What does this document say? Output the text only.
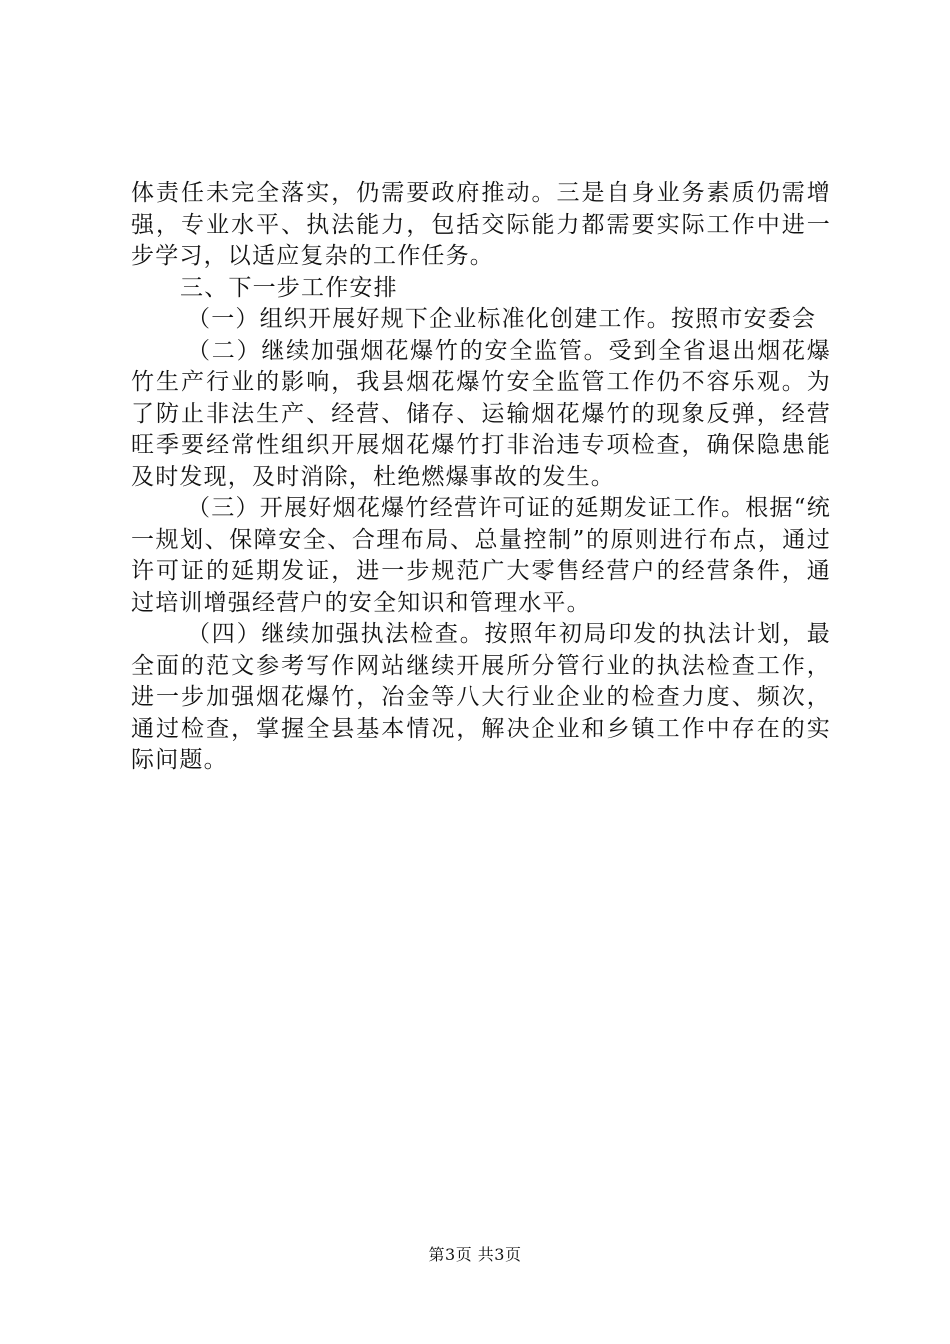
体责任未完全落实，仍需要政府推动。三是自身业务素质仍需增强，专业水平、执法能力，包括交际能力都需要实际工作中进一步学习，以适应复杂的工作任务。

三、下一步工作安排

（一）组织开展好规下企业标准化创建工作。按照市安委会

（二）继续加强烟花爆竹的安全监管。受到全省退出烟花爆竹生产行业的影响，我县烟花爆竹安全监管工作仍不容乐观。为了防止非法生产、经营、储存、运输烟花爆竹的现象反弹，经营旺季要经常性组织开展烟花爆竹打非治违专项检查，确保隐患能及时发现，及时消除，杜绝燃爆事故的发生。

（三）开展好烟花爆竹经营许可证的延期发证工作。根据“统一规划、保障安全、合理布局、总量控制”的原则进行布点，通过许可证的延期发证，进一步规范广大零售经营户的经营条件，通过培训增强经营户的安全知识和管理水平。

（四）继续加强执法检查。按照年初局印发的执法计划，最全面的范文参考写作网站继续开展所分管行业的执法检查工作，进一步加强烟花爆竹，冶金等八大行业企业的检查力度、频次，通过检查，掌握全县基本情况，解决企业和乡镇工作中存在的实际问题。

第3页 共3页
